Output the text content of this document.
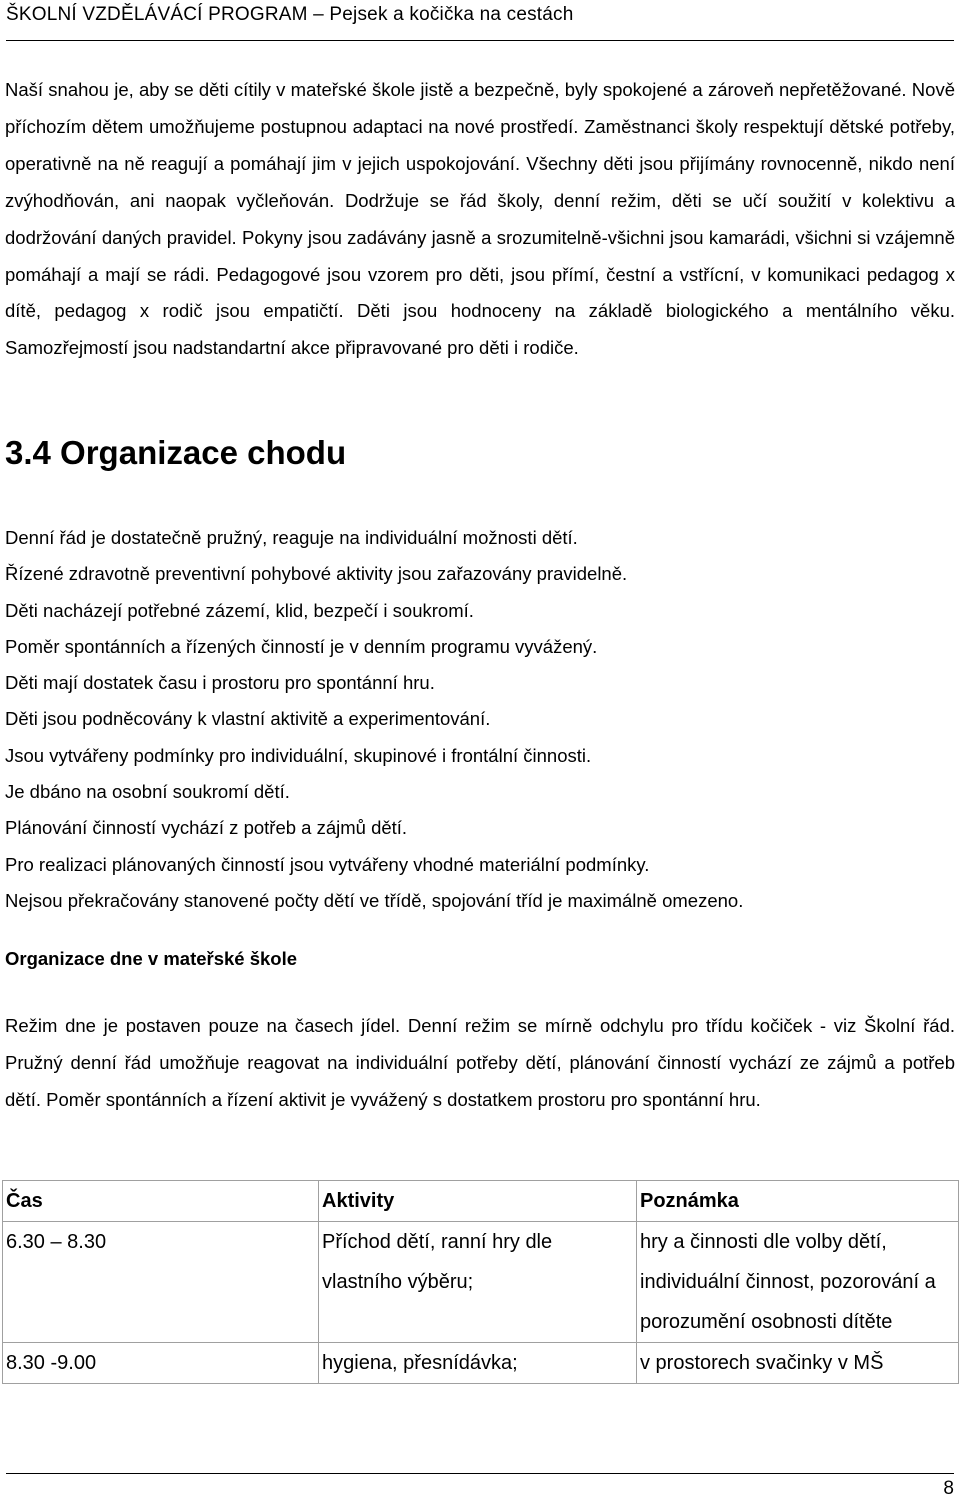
ŠKOLNÍ VZDĚLÁVÁCÍ PROGRAM – Pejsek a kočička na cestách

Naší snahou je, aby se děti cítily v mateřské škole jistě a bezpečně, byly spokojené a zároveň nepřetěžované. Nově příchozím dětem umožňujeme postupnou adaptaci na nové prostředí. Zaměstnanci školy respektují dětské potřeby, operativně na ně reagují a pomáhají jim v jejich uspokojování. Všechny děti jsou přijímány rovnocenně, nikdo není zvýhodňován, ani naopak vyčleňován. Dodržuje se řád školy, denní režim, děti se učí soužití v kolektivu a dodržování daných pravidel. Pokyny jsou zadávány jasně a srozumitelně-všichni jsou kamarádi, všichni si vzájemně pomáhají a mají se rádi. Pedagogové jsou vzorem pro děti, jsou přímí, čestní a vstřícní, v komunikaci pedagog x dítě, pedagog x rodič jsou empatičtí. Děti jsou hodnoceny na základě biologického a mentálního věku. Samozřejmostí jsou nadstandartní akce připravované pro děti i rodiče.

3.4 Organizace chodu
Denní řád je dostatečně pružný, reaguje na individuální možnosti dětí.
Řízené zdravotně preventivní pohybové aktivity jsou zařazovány pravidelně.
Děti nacházejí potřebné zázemí, klid, bezpečí i soukromí.
Poměr spontánních a řízených činností je v denním programu vyvážený.
Děti mají dostatek času i prostoru pro spontánní hru.
Děti jsou podněcovány k vlastní aktivitě a experimentování.
Jsou vytvářeny podmínky pro individuální, skupinové i frontální činnosti.
Je dbáno na osobní soukromí dětí.
Plánování činností vychází z potřeb a zájmů dětí.
Pro realizaci plánovaných činností jsou vytvářeny vhodné materiální podmínky.
Nejsou překračovány stanovené počty dětí ve třídě, spojování tříd je maximálně omezeno.
Organizace dne v mateřské škole

Režim dne je postaven pouze na časech jídel. Denní režim se mírně odchylu pro třídu kočiček - viz Školní řád. Pružný denní řád umožňuje reagovat na individuální potřeby dětí, plánování činností vychází ze zájmů a potřeb dětí. Poměr spontánních a řízení aktivit je vyvážený s dostatkem prostoru pro spontánní hru.

Čas	Aktivity	Poznámka
6.30 – 8.30	Příchod dětí, ranní hry dle vlastního výběru;	hry a činnosti dle volby dětí, individuální činnost, pozorování a porozumění osobnosti dítěte
8.30 -9.00	hygiena, přesnídávka;	v prostorech svačinky v MŠ
8
